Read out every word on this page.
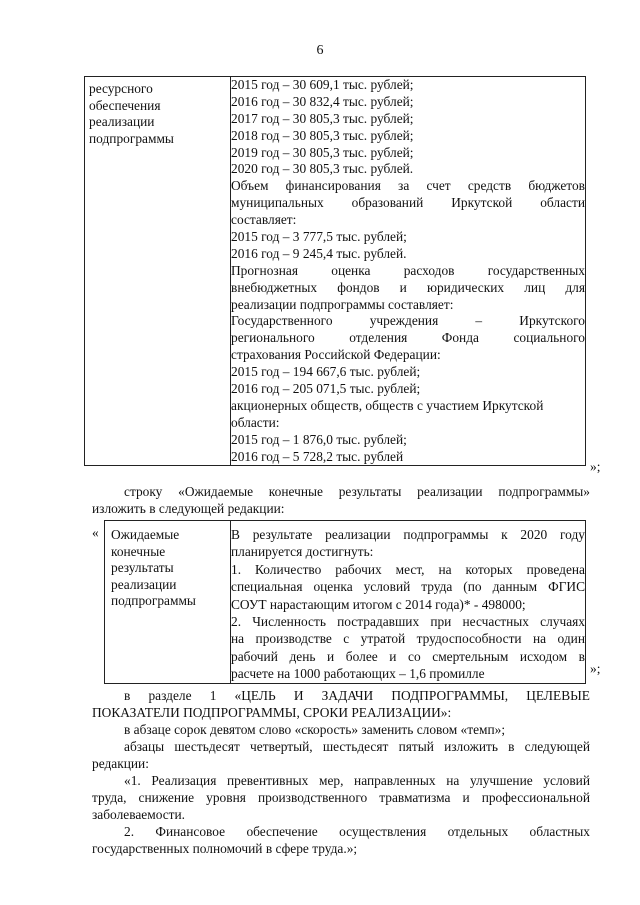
6
ресурсного
обеспечения
реализации
подпрограммы

2015 год – 30 609,1 тыс. рублей;
2016 год – 30 832,4 тыс. рублей;
2017 год – 30 805,3 тыс. рублей;
2018 год – 30 805,3 тыс. рублей;
2019 год – 30 805,3 тыс. рублей;
2020 год – 30 805,3 тыс. рублей.
Объем финансирования за счет средств бюджетов
муниципальных образований Иркутской области
составляет:
2015 год – 3 777,5 тыс. рублей;
2016 год – 9 245,4 тыс. рублей.
Прогнозная оценка расходов государственных
внебюджетных фондов и юридических лиц для
реализации подпрограммы составляет:
Государственного учреждения – Иркутского
регионального отделения Фонда социального
страхования Российской Федерации:
2015 год – 194 667,6 тыс. рублей;
2016 год – 205 071,5 тыс. рублей;
акционерных обществ, обществ с участием Иркутской
области:
2015 год – 1 876,0 тыс. рублей;
2016 год – 5 728,2 тыс. рублей
»;
строку «Ожидаемые конечные результаты реализации подпрограммы»
изложить в следующей редакции:
« Ожидаемые
конечные
результаты
реализации
подпрограммы

В результате реализации подпрограммы к 2020 году
планируется достигнуть:
1. Количество рабочих мест, на которых проведена
специальная оценка условий труда (по данным ФГИС
СОУТ нарастающим итогом с 2014 года)* - 498000;
2. Численность пострадавших при несчастных случаях
на производстве с утратой трудоспособности на один
рабочий день и более и со смертельным исходом в
расчете на 1000 работающих – 1,6 промилле	»;
в разделе 1 «ЦЕЛЬ И ЗАДАЧИ ПОДПРОГРАММЫ, ЦЕЛЕВЫЕ
ПОКАЗАТЕЛИ ПОДПРОГРАММЫ, СРОКИ РЕАЛИЗАЦИИ»:
в абзаце сорок девятом слово «скорость» заменить словом «темп»;
абзацы шестьдесят четвертый, шестьдесят пятый изложить в следующей
редакции:
«1. Реализация превентивных мер, направленных на улучшение условий
труда, снижение уровня производственного травматизма и профессиональной
заболеваемости.
2. Финансовое обеспечение осуществления отдельных областных
государственных полномочий в сфере труда.»;
